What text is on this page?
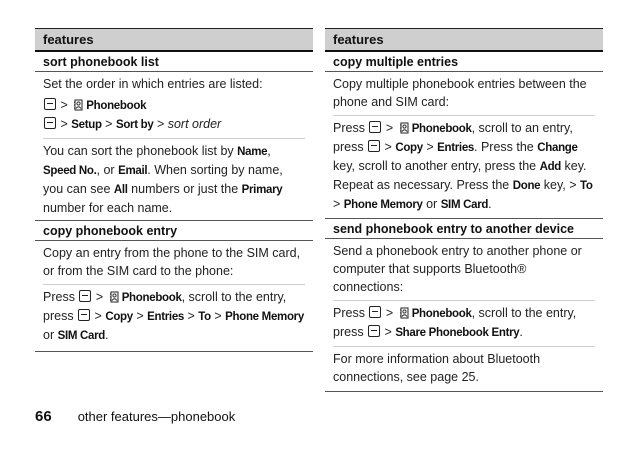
features
sort phonebook list
Set the order in which entries are listed:
> Phonebook
> Setup > Sort by > sort order
You can sort the phonebook list by Name, Speed No., or Email. When sorting by name, you can see All numbers or just the Primary number for each name.
copy phonebook entry
Copy an entry from the phone to the SIM card, or from the SIM card to the phone:
Press  > Phonebook, scroll to the entry, press  > Copy > Entries > To > Phone Memory or SIM Card.
features
copy multiple entries
Copy multiple phonebook entries between the phone and SIM card:
Press  > Phonebook, scroll to an entry, press  > Copy > Entries. Press the Change key, scroll to another entry, press the Add key. Repeat as necessary. Press the Done key, > To > Phone Memory or SIM Card.
send phonebook entry to another device
Send a phonebook entry to another phone or computer that supports Bluetooth® connections:
Press  > Phonebook, scroll to the entry, press  > Share Phonebook Entry.
For more information about Bluetooth connections, see page 25.
66 other features—phonebook
